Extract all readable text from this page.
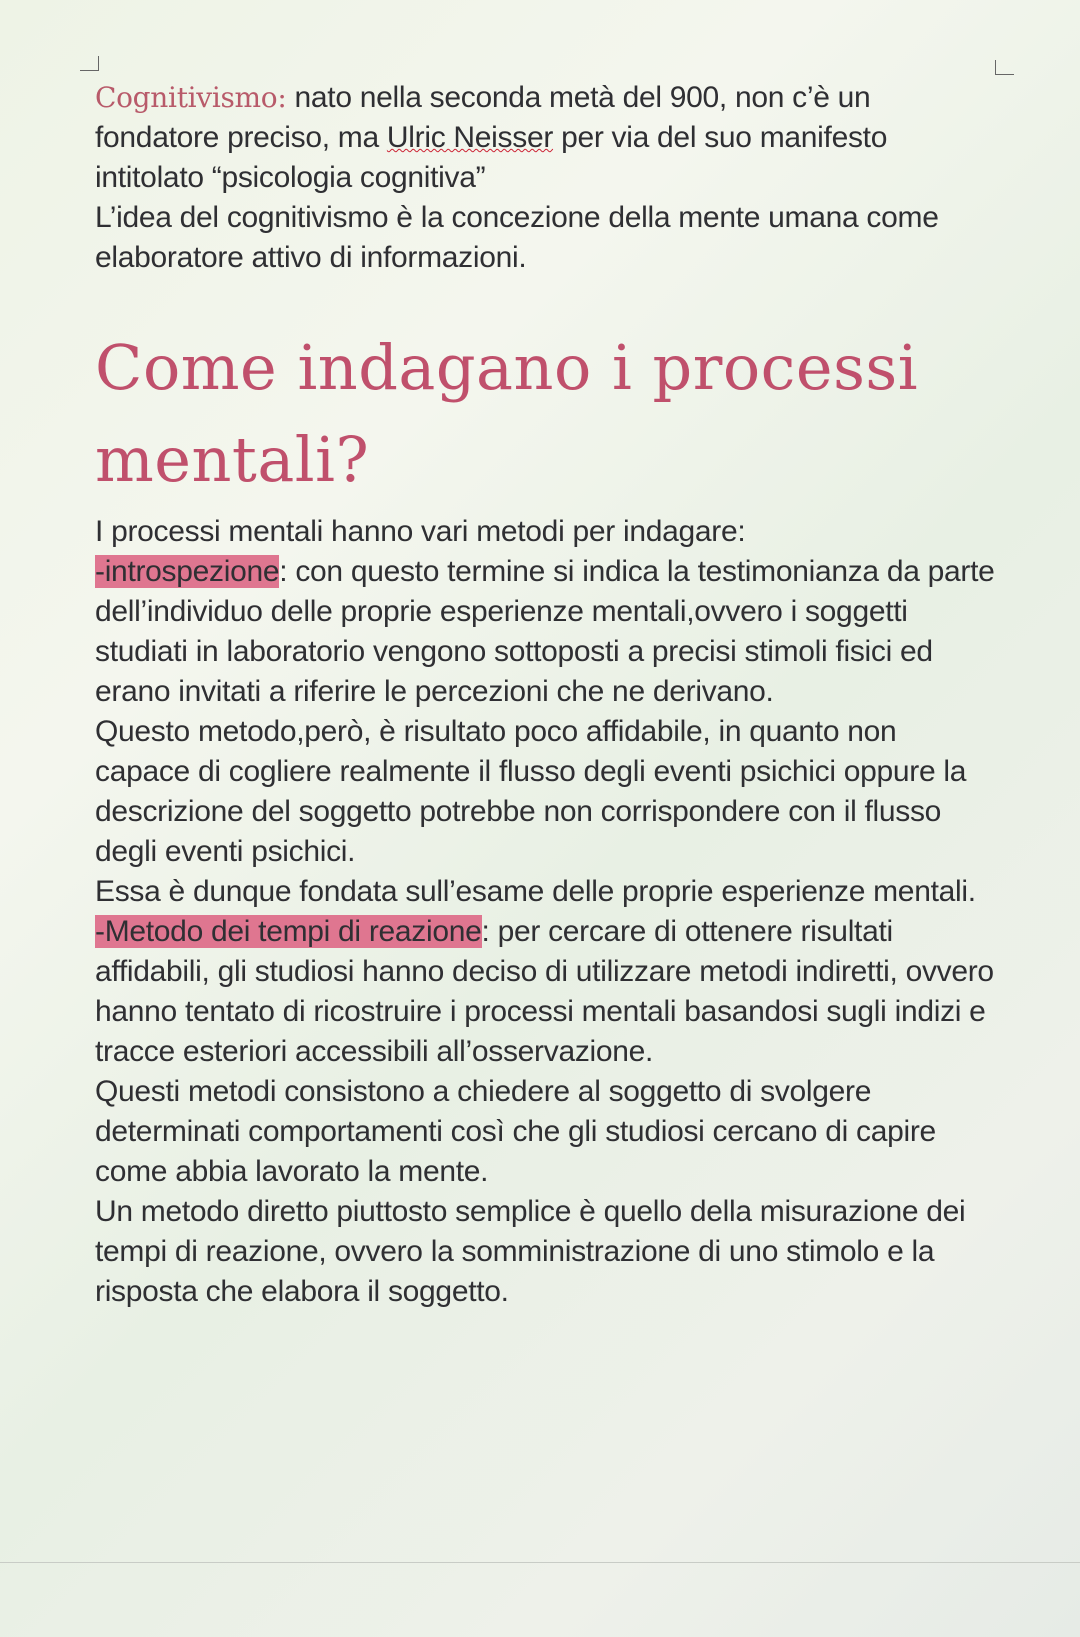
Cognitivismo: nato nella seconda metà del 900, non c’è un fondatore preciso, ma Ulric Neisser per via del suo manifesto intitolato “psicologia cognitiva”

L’idea del cognitivismo è la concezione della mente umana come elaboratore attivo di informazioni.

Come indagano i processi mentali?

I processi mentali hanno vari metodi per indagare:

-introspezione: con questo termine si indica la testimonianza da parte dell’individuo delle proprie esperienze mentali,ovvero i soggetti studiati in laboratorio vengono sottoposti a precisi stimoli fisici ed erano invitati a riferire le percezioni che ne derivano.

Questo metodo,però, è risultato poco affidabile, in quanto non capace di cogliere realmente il flusso degli eventi psichici oppure la descrizione del soggetto potrebbe non corrispondere con il flusso degli eventi psichici.

Essa è dunque fondata sull’esame delle proprie esperienze mentali.

-Metodo dei tempi di reazione: per cercare di ottenere risultati affidabili, gli studiosi hanno deciso di utilizzare metodi indiretti, ovvero hanno tentato di ricostruire i processi mentali basandosi sugli indizi e tracce esteriori accessibili all’osservazione.

Questi metodi consistono a chiedere al soggetto di svolgere determinati comportamenti così che gli studiosi cercano di capire come abbia lavorato la mente.

Un metodo diretto piuttosto semplice è quello della misurazione dei tempi di reazione, ovvero la somministrazione di uno stimolo e la risposta che elabora il soggetto.
